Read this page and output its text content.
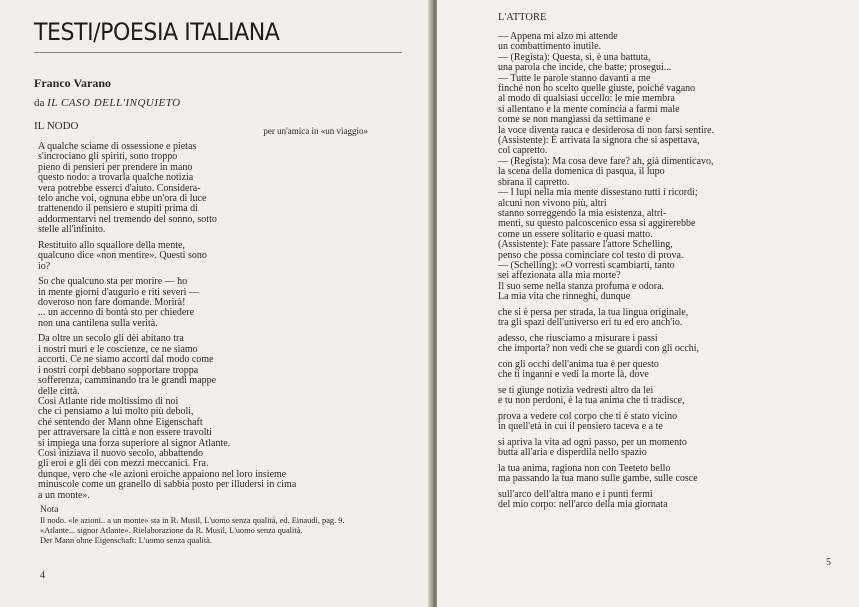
TESTI/POESIA ITALIANA
Franco Varano
da IL CASO DELL'INQUIETO
IL NODO	per un'amica in «un viaggio»

A qualche sciame di ossessione e pietas
s'incrociano gli spiriti, sono troppo
pieno di pensieri per prendere in mano
questo nodo: a trovarla qualche notizia
vera potrebbe esserci d'aiuto. Considera-
telo anche voi, ognuna ebbe un'ora di luce
trattenendo il pensiero e stupiti prima di
addormentarvi nel tremendo del sonno, sotto
stelle all'infinito.

Restituito allo squallore della mente,
qualcuno dice «non mentire». Questi sono
io?

So che qualcuno sta per morire — ho
in mente giorni d'augurio e riti severi —
doveroso non fare domande. Morirà!
... un accenno di bontà sto per chiedere
non una cantilena sulla verità.

Da oltre un secolo gli dèi abitano tra
i nostri muri e le coscienze, ce ne siamo
accorti. Ce ne siamo accorti dal modo come
i nostri corpi debbano sopportare troppa
sofferenza, camminando tra le grandi mappe
delle città.
Così Atlante ride moltissimo di noi
che ci pensiamo a lui molto più deboli,
ché sentendo der Mann ohne Eigenschaft
per attraversare la città e non essere travolti
si impiega una forza superiore al signor Atlante.
Così iniziava il nuovo secolo, abbattendo
gli eroi e gli dèi con mezzi meccanici. Fra.
dunque, vero che «le azioni eroiche appaiono nel loro insieme
minuscole come un granello di sabbia posto per illudersi in cima
a un monte».

Nota
Il nodo. «le azioni.. a un monte» sta in R. Musil, L'uomo senza qualità, ed. Einaudi, pag. 9.
«Atlante... signor Atlante». Rielaborazione da R. Musil, L'uomo senza qualità.
Der Mann ohne Eigenschaft: L'uomo senza qualità.
4
L'ATTORE

— Appena mi alzo mi attende
un combattimento inutile.
— (Regista): Questa, sì, è una battuta,
una parola che incide, che batte; prosegui...
— Tutte le parole stanno davanti a me
finché non ho scelto quelle giuste, poiché vagano
al modo di qualsiasi uccello: le mie membra
si allentano e la mente comincia a farmi male
come se non mangiassi da settimane e
la voce diventa rauca e desiderosa di non farsi sentire.
(Assistente): È arrivata la signora che si aspettava,
col capretto.
— (Regista): Ma cosa deve fare? ah, già dimenticavo,
la scena della domenica di pasqua, il lupo
sbrana il capretto.
— I lupi nella mia mente dissestano tutti i ricordi;
alcuni non vivono più, altri
stanno sorreggendo la mia esistenza, altri-
menti, su questo palcoscenico essa si aggirerebbe
come un essere solitario e quasi matto.
(Assistente): Fate passare l'attore Schelling,
penso che possa cominciare col testo di prova.
— (Schelling): «O vorresti scambiarti, tanto
sei affezionata alla mia morte?
Il suo seme nella stanza profuma e odora.
La mia vita che rinneghi, dunque

che si è persa per strada, la tua lingua originale,
tra gli spazi dell'universo eri tu ed ero anch'io.

adesso, che riusciamo a misurare i passi
che importa? non vedi che se guardi con gli occhi,

con gli occhi dell'anima tua è per questo
che ti inganni e vedi la morte là, dove

se ti giunge notizia vedresti altro da lei
e tu non perdoni, è la tua anima che ti tradisce,

prova a vedere col corpo che ti è stato vicino
in quell'età in cui il pensiero taceva e a te

si apriva la vita ad ogni passo, per un momento
butta all'aria e disperdila nello spazio

la tua anima, ragiona non con Teeteto bello
ma passando la tua mano sulle gambe, sulle cosce

sull'arco dell'altra mano e i punti fermi
del mio corpo: nell'arco della mia giornata

5
